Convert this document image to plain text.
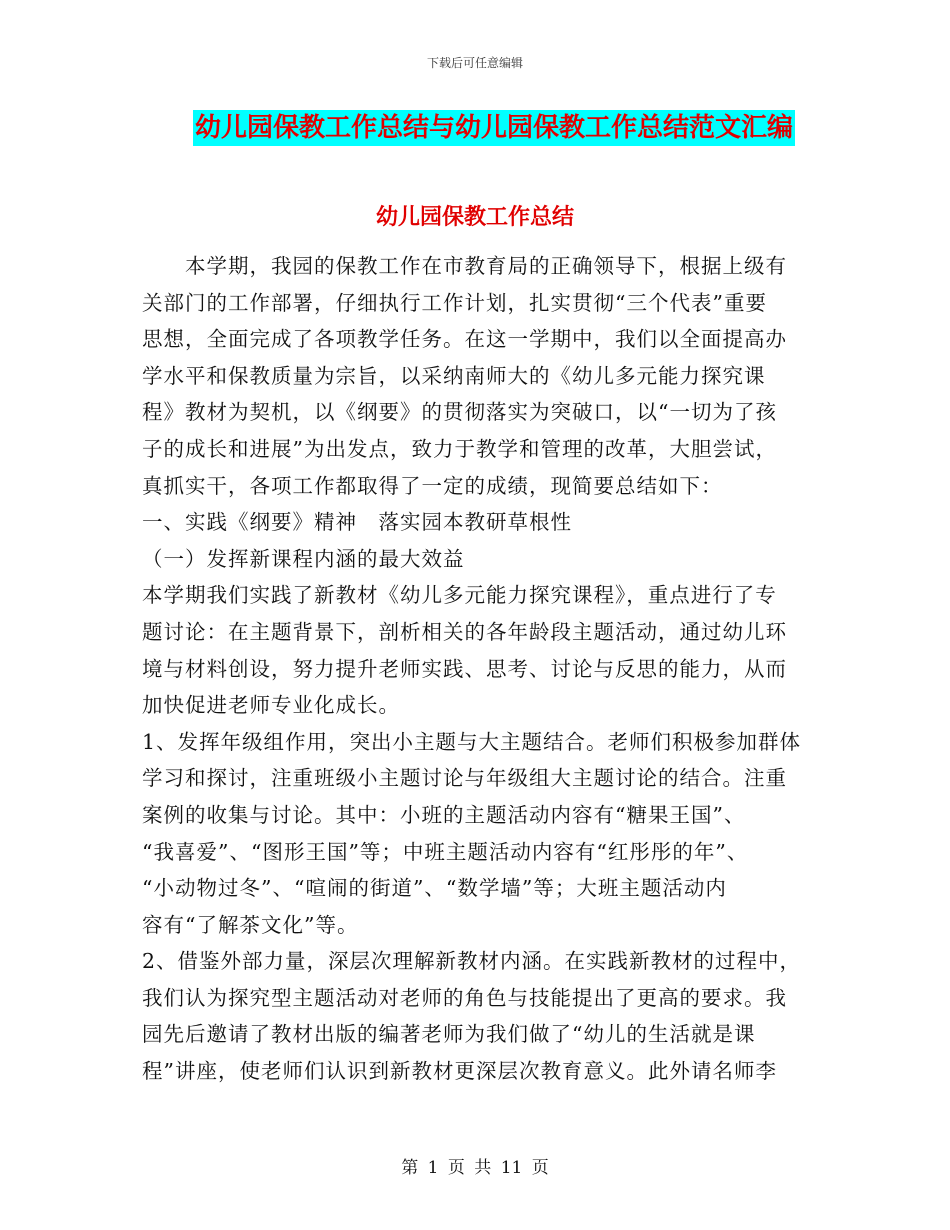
下载后可任意编辑
幼儿园保教工作总结与幼儿园保教工作总结范文汇编
幼儿园保教工作总结
　　本学期，我园的保教工作在市教育局的正确领导下，根据上级有
关部门的工作部署，仔细执行工作计划，扎实贯彻“三个代表”重要
思想，全面完成了各项教学任务。在这一学期中，我们以全面提高办
学水平和保教质量为宗旨，以采纳南师大的《幼儿多元能力探究课
程》教材为契机，以《纲要》的贯彻落实为突破口，以“一切为了孩
子的成长和进展”为出发点，致力于教学和管理的改革，大胆尝试，
真抓实干，各项工作都取得了一定的成绩，现简要总结如下：
一、实践《纲要》精神　落实园本教研草根性
（一）发挥新课程内涵的最大效益
本学期我们实践了新教材《幼儿多元能力探究课程》，重点进行了专
题讨论：在主题背景下，剖析相关的各年龄段主题活动，通过幼儿环
境与材料创设，努力提升老师实践、思考、讨论与反思的能力，从而
加快促进老师专业化成长。
1、发挥年级组作用，突出小主题与大主题结合。老师们积极参加群体
学习和探讨，注重班级小主题讨论与年级组大主题讨论的结合。注重
案例的收集与讨论。其中：小班的主题活动内容有“糖果王国”、
“我喜爱”、“图形王国”等；中班主题活动内容有“红彤彤的年”、
“小动物过冬”、“喧闹的街道”、“数学墙”等；大班主题活动内
容有“了解茶文化”等。
2、借鉴外部力量，深层次理解新教材内涵。在实践新教材的过程中，
我们认为探究型主题活动对老师的角色与技能提出了更高的要求。我
园先后邀请了教材出版的编著老师为我们做了“幼儿的生活就是课
程”讲座，使老师们认识到新教材更深层次教育意义。此外请名师李
第 1 页 共 11 页
